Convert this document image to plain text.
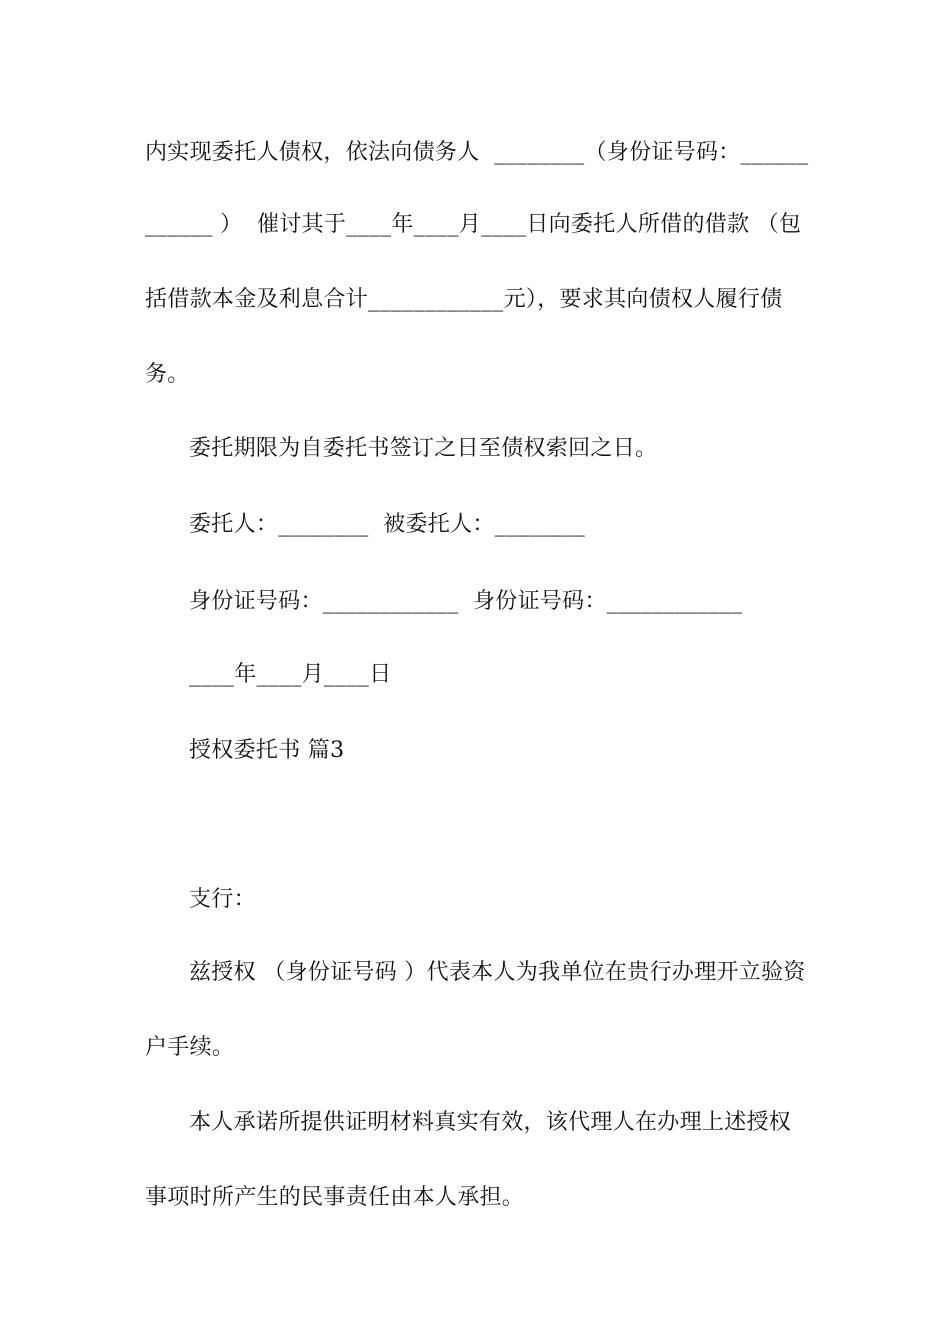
内实现委托人债权，依法向债务人  ________（身份证号码：______
______ ）  催讨其于____年____月____日向委托人所借的借款 （包
括借款本金及利息合计____________元），要求其向债权人履行债
务。
委托期限为自委托书签订之日至债权索回之日。
委托人：________  被委托人：________
身份证号码：____________  身份证号码：____________
____年____月____日
授权委托书 篇3
支行：
兹授权 （身份证号码 ）代表本人为我单位在贵行办理开立验资
户手续。
本人承诺所提供证明材料真实有效，该代理人在办理上述授权
事项时所产生的民事责任由本人承担。
